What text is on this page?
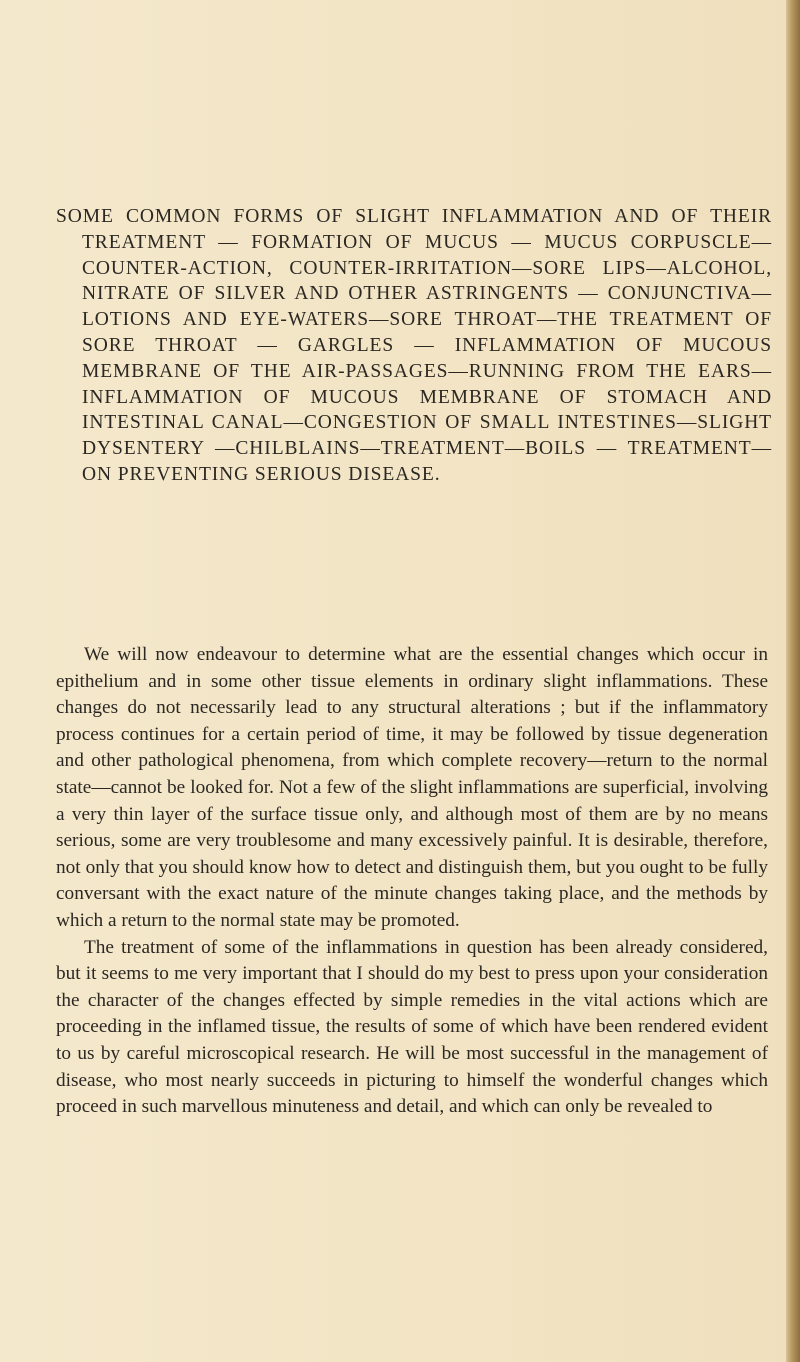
SOME COMMON FORMS OF SLIGHT INFLAMMATION AND OF THEIR TREATMENT — FORMATION OF MUCUS — MUCUS CORPUSCLE—COUNTER-ACTION, COUNTER-IRRITATION—SORE LIPS—ALCOHOL, NITRATE OF SILVER AND OTHER ASTRINGENTS — CONJUNCTIVA—LOTIONS AND EYE-WATERS—SORE THROAT—THE TREATMENT OF SORE THROAT — GARGLES — INFLAMMATION OF MUCOUS MEMBRANE OF THE AIR-PASSAGES—RUNNING FROM THE EARS—INFLAMMATION OF MUCOUS MEMBRANE OF STOMACH AND INTESTINAL CANAL—CONGESTION OF SMALL INTESTINES—SLIGHT DYSENTERY —CHILBLAINS—TREATMENT—BOILS — TREATMENT— ON PREVENTING SERIOUS DISEASE.

We will now endeavour to determine what are the essential changes which occur in epithelium and in some other tissue elements in ordinary slight inflammations. These changes do not necessarily lead to any structural alterations ; but if the inflammatory process continues for a certain period of time, it may be followed by tissue degeneration and other pathological phenomena, from which complete recovery—return to the normal state—cannot be looked for. Not a few of the slight inflammations are superficial, involving a very thin layer of the surface tissue only, and although most of them are by no means serious, some are very troublesome and many excessively painful. It is desirable, therefore, not only that you should know how to detect and distinguish them, but you ought to be fully conversant with the exact nature of the minute changes taking place, and the methods by which a return to the normal state may be promoted.

The treatment of some of the inflammations in question has been already considered, but it seems to me very important that I should do my best to press upon your consideration the character of the changes effected by simple remedies in the vital actions which are proceeding in the inflamed tissue, the results of some of which have been rendered evident to us by careful microscopical research. He will be most successful in the management of disease, who most nearly succeeds in picturing to himself the wonderful changes which proceed in such marvellous minuteness and detail, and which can only be revealed to
